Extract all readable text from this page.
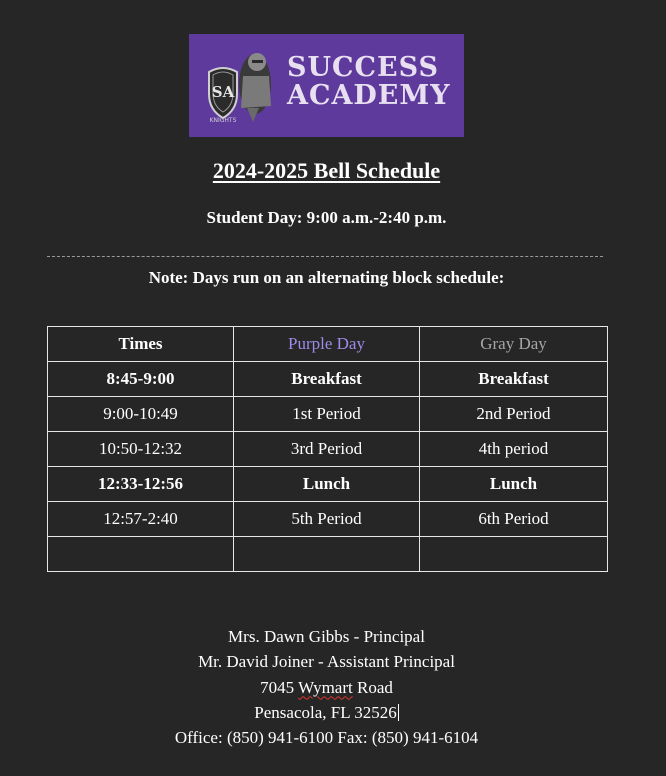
SA
KNIGHTS
SUCCESS
ACADEMY
2024-2025 Bell Schedule
Student Day: 9:00 a.m.-2:40 p.m.
Note: Days run on an alternating block schedule:
Times	Purple Day	Gray Day
8:45-9:00	Breakfast	Breakfast
9:00-10:49	1st Period	2nd Period
10:50-12:32	3rd Period	4th period
12:33-12:56	Lunch	Lunch
12:57-2:40	5th Period	6th Period

Mrs. Dawn Gibbs - Principal
Mr. David Joiner - Assistant Principal
7045 Wymart Road
Pensacola, FL 32526
Office: (850) 941-6100 Fax: (850) 941-6104
